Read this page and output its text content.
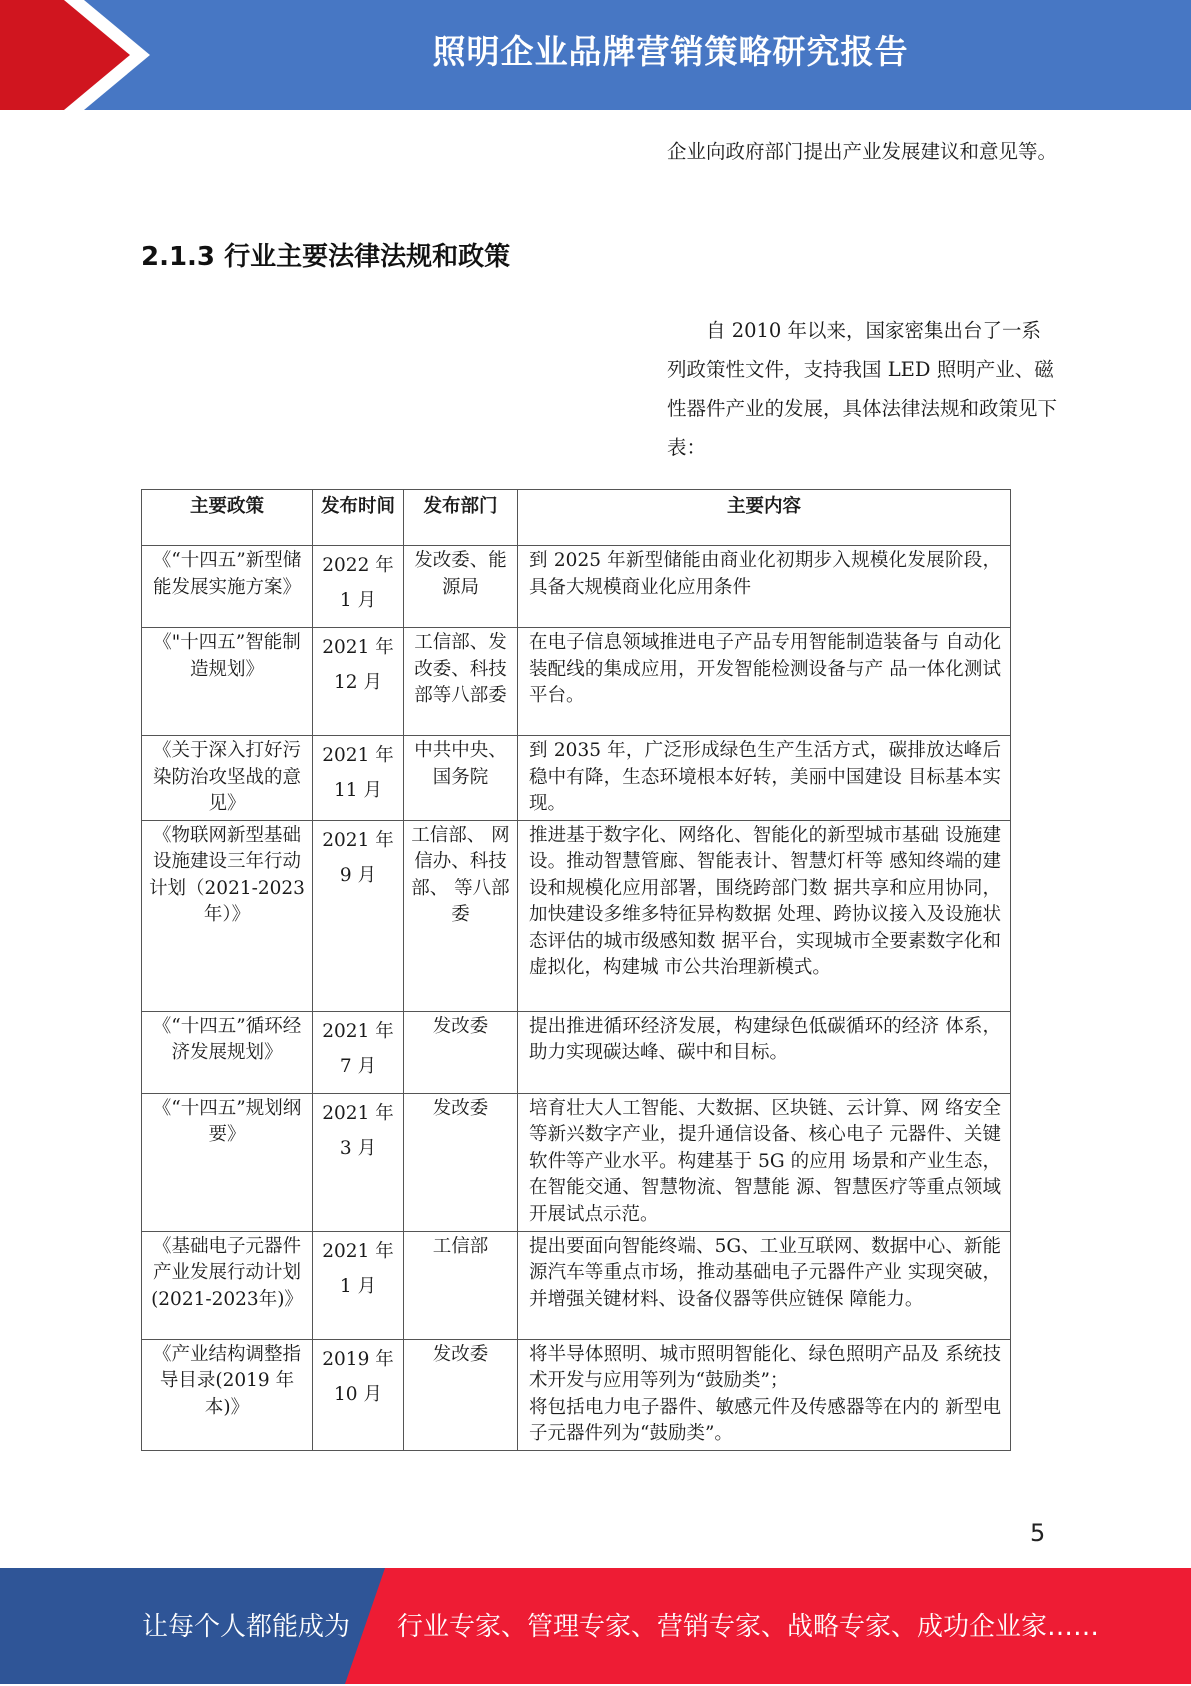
照明企业品牌营销策略研究报告
企业向政府部门提出产业发展建议和意见等。
2.1.3 行业主要法律法规和政策
自 2010 年以来，国家密集出台了一系列政策性文件，支持我国 LED 照明产业、磁性器件产业的发展，具体法律法规和政策见下表：
主要政策	发布时间	发布部门	主要内容
《“十四五”新型储能发展实施方案》	2022 年 1 月	发改委、能源局	到 2025 年新型储能由商业化初期步入规模化发展阶段，具备大规模商业化应用条件

《"十四五”智能制造规划》	2021 年 12 月	工信部、发改委、科技部等八部委	在电子信息领域推进电子产品专用智能制造装备与 自动化装配线的集成应用，开发智能检测设备与产 品一体化测试平台。

《关于深入打好污染防治攻坚战的意见》	2021 年 11 月	中共中央、国务院	到 2035 年，广泛形成绿色生产生活方式，碳排放达峰后稳中有降，生态环境根本好转，美丽中国建设 目标基本实现。

《物联网新型基础设施建设三年行动计划（2021-2023 年）》	2021 年 9 月	工信部、 网信办、科技部、 等八部委	推进基于数字化、网络化、智能化的新型城市基础 设施建设。推动智慧管廊、智能表计、智慧灯杆等 感知终端的建设和规模化应用部署，围绕跨部门数 据共享和应用协同，加快建设多维多特征异构数据 处理、跨协议接入及设施状态评估的城市级感知数 据平台，实现城市全要素数字化和虚拟化，构建城 市公共治理新模式。

《“十四五”循环经济发展规划》	2021 年 7 月	发改委	提出推进循环经济发展，构建绿色低碳循环的经济 体系，助力实现碳达峰、碳中和目标。

《“十四五”规划纲要》	2021 年 3 月	发改委	培育壮大人工智能、大数据、区块链、云计算、网 络安全等新兴数字产业，提升通信设备、核心电子 元器件、关键软件等产业水平。构建基于 5G 的应用 场景和产业生态，在智能交通、智慧物流、智慧能 源、智慧医疗等重点领域开展试点示范。

《基础电子元器件产业发展行动计划(2021-2023年)》	2021 年 1 月	工信部	提出要面向智能终端、5G、工业互联网、数据中心、新能源汽车等重点市场，推动基础电子元器件产业 实现突破，并增强关键材料、设备仪器等供应链保 障能力。

《产业结构调整指导目录(2019 年本)》	2019 年 10 月	发改委	将半导体照明、城市照明智能化、绿色照明产品及 系统技术开发与应用等列为“鼓励类”；
将包括电力电子器件、敏感元件及传感器等在内的 新型电子元器件列为“鼓励类”。
5
让每个人都能成为 行业专家、管理专家、营销专家、战略专家、成功企业家……
